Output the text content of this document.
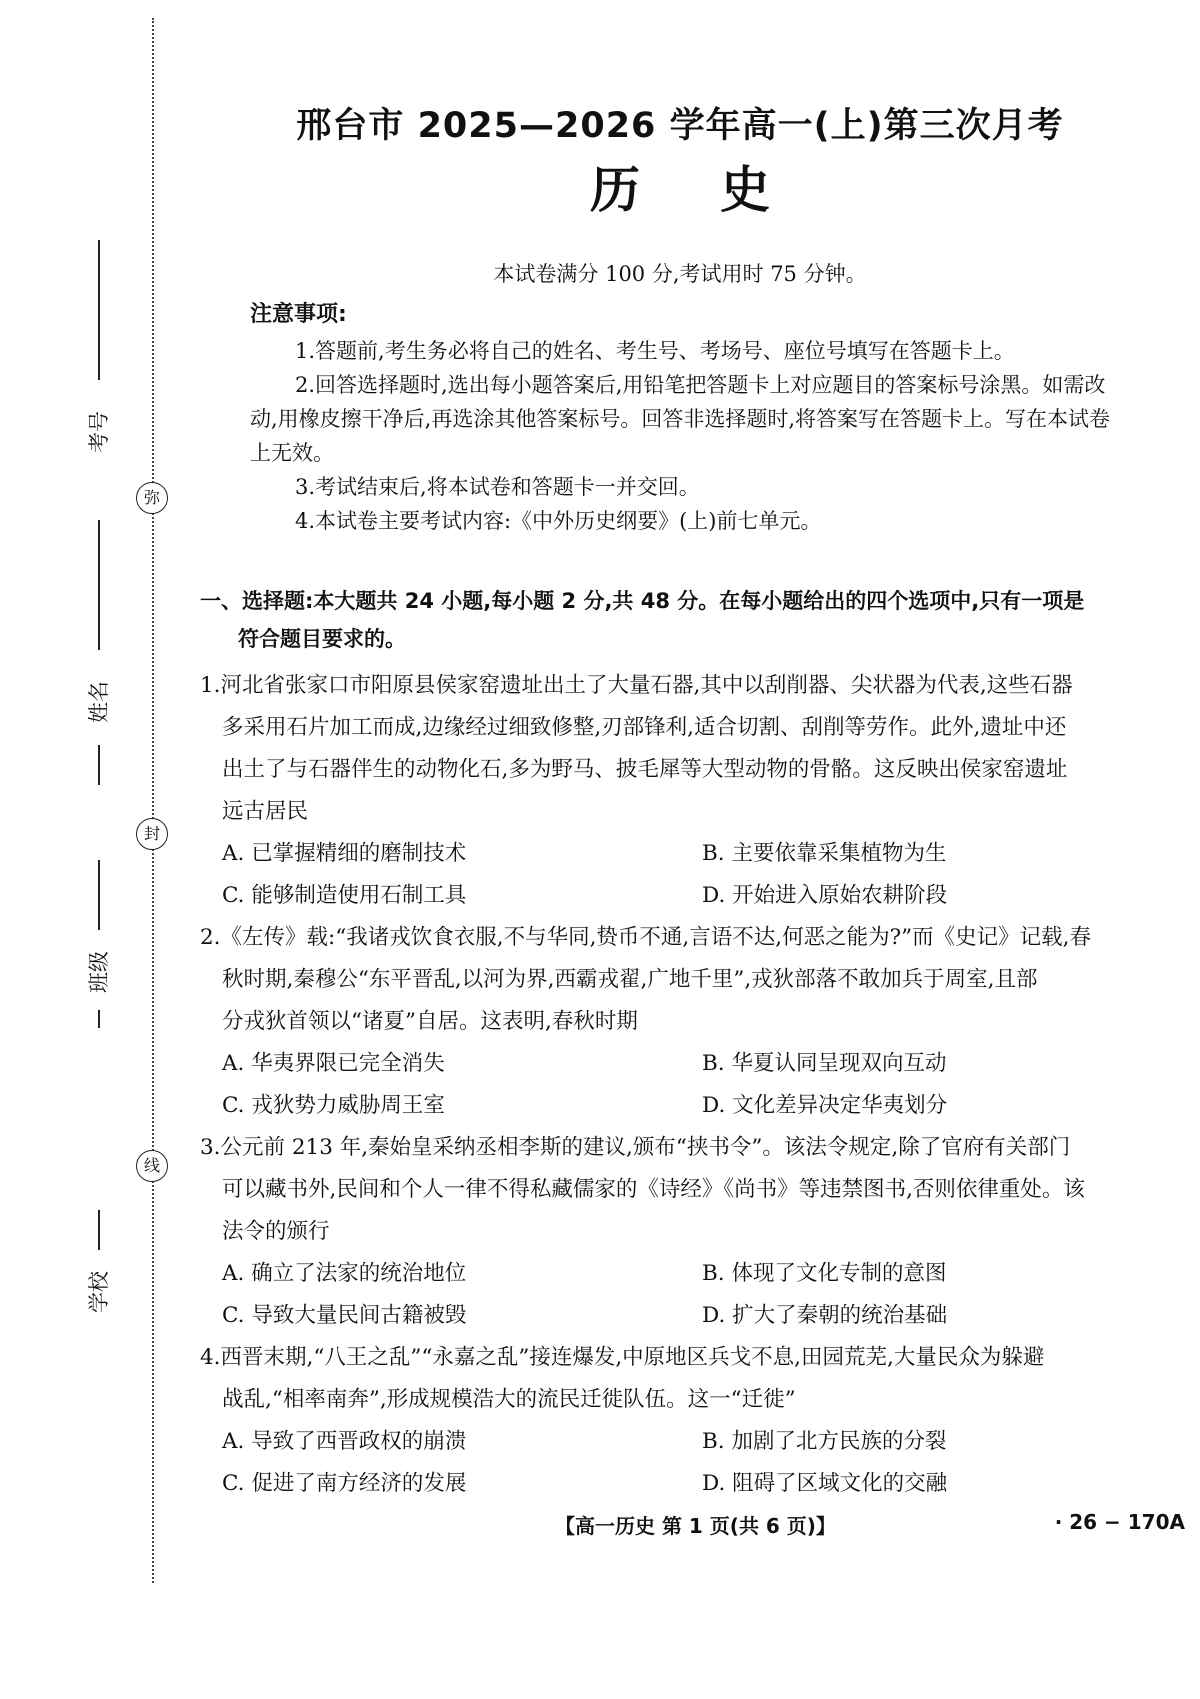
考号
弥
姓名
封
班级
线
学校
邢台市 2025—2026 学年高一(上)第三次月考
历史
本试卷满分 100 分,考试用时 75 分钟。
注意事项:

1.答题前,考生务必将自己的姓名、考生号、考场号、座位号填写在答题卡上。

2.回答选择题时,选出每小题答案后,用铅笔把答题卡上对应题目的答案标号涂黑。如需改动,用橡皮擦干净后,再选涂其他答案标号。回答非选择题时,将答案写在答题卡上。写在本试卷上无效。

3.考试结束后,将本试卷和答题卡一并交回。

4.本试卷主要考试内容:《中外历史纲要》(上)前七单元。

一、选择题:本大题共 24 小题,每小题 2 分,共 48 分。在每小题给出的四个选项中,只有一项是
符合题目要求的。
1.河北省张家口市阳原县侯家窑遗址出土了大量石器,其中以刮削器、尖状器为代表,这些石器
多采用石片加工而成,边缘经过细致修整,刃部锋利,适合切割、刮削等劳作。此外,遗址中还
出土了与石器伴生的动物化石,多为野马、披毛犀等大型动物的骨骼。这反映出侯家窑遗址
远古居民
A. 已掌握精细的磨制技术	B. 主要依靠采集植物为生
C. 能够制造使用石制工具	D. 开始进入原始农耕阶段
2.《左传》载:“我诸戎饮食衣服,不与华同,贽币不通,言语不达,何恶之能为?”而《史记》记载,春
秋时期,秦穆公“东平晋乱,以河为界,西霸戎翟,广地千里”,戎狄部落不敢加兵于周室,且部
分戎狄首领以“诸夏”自居。这表明,春秋时期
A. 华夷界限已完全消失	B. 华夏认同呈现双向互动
C. 戎狄势力威胁周王室	D. 文化差异决定华夷划分
3.公元前 213 年,秦始皇采纳丞相李斯的建议,颁布“挟书令”。该法令规定,除了官府有关部门
可以藏书外,民间和个人一律不得私藏儒家的《诗经》《尚书》等违禁图书,否则依律重处。该
法令的颁行
A. 确立了法家的统治地位	B. 体现了文化专制的意图
C. 导致大量民间古籍被毁	D. 扩大了秦朝的统治基础
4.西晋末期,“八王之乱”“永嘉之乱”接连爆发,中原地区兵戈不息,田园荒芜,大量民众为躲避
战乱,“相率南奔”,形成规模浩大的流民迁徙队伍。这一“迁徙”
A. 导致了西晋政权的崩溃	B. 加剧了北方民族的分裂
C. 促进了南方经济的发展	D. 阻碍了区域文化的交融
【高一历史 第 1 页(共 6 页)】	· 26 − 170A
